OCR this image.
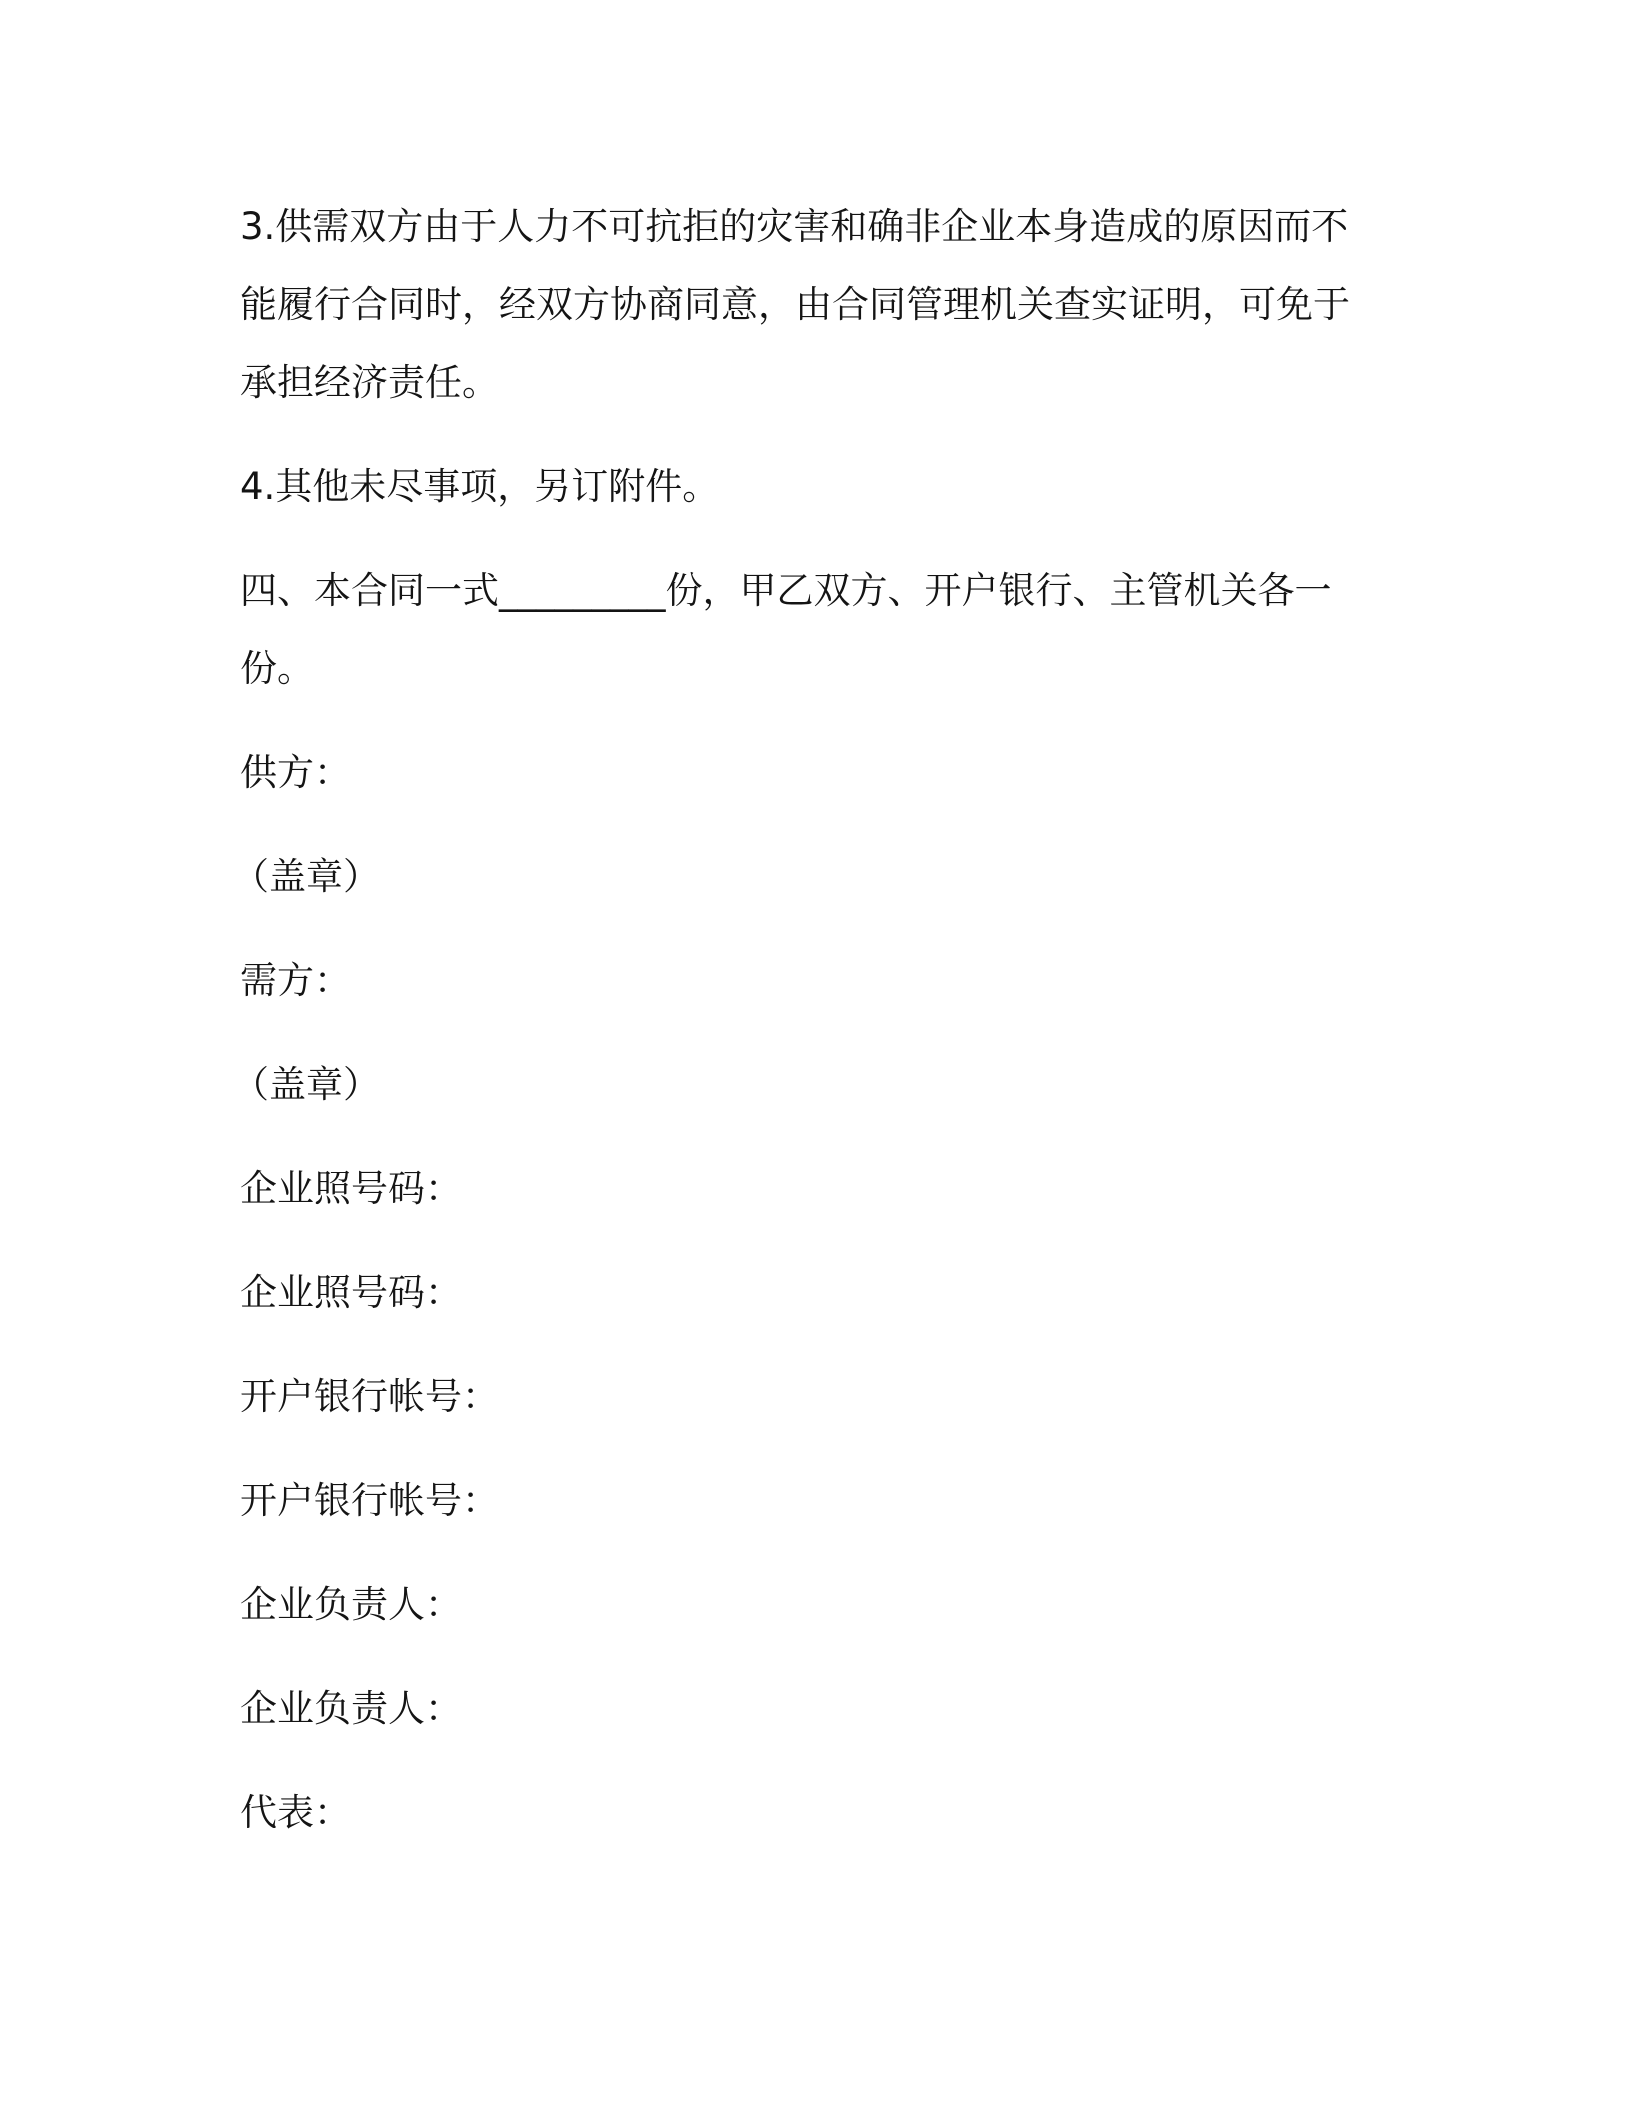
3.供需双方由于人力不可抗拒的灾害和确非企业本身造成的原因而不
能履行合同时，经双方协商同意，由合同管理机关查实证明，可免于
承担经济责任。
4.其他未尽事项，另订附件。
四、本合同一式_________份，甲乙双方、开户银行、主管机关各一
份。
供方：
（盖章）
需方：
（盖章）
企业照号码：
企业照号码：
开户银行帐号：
开户银行帐号：
企业负责人：
企业负责人：
代表：
